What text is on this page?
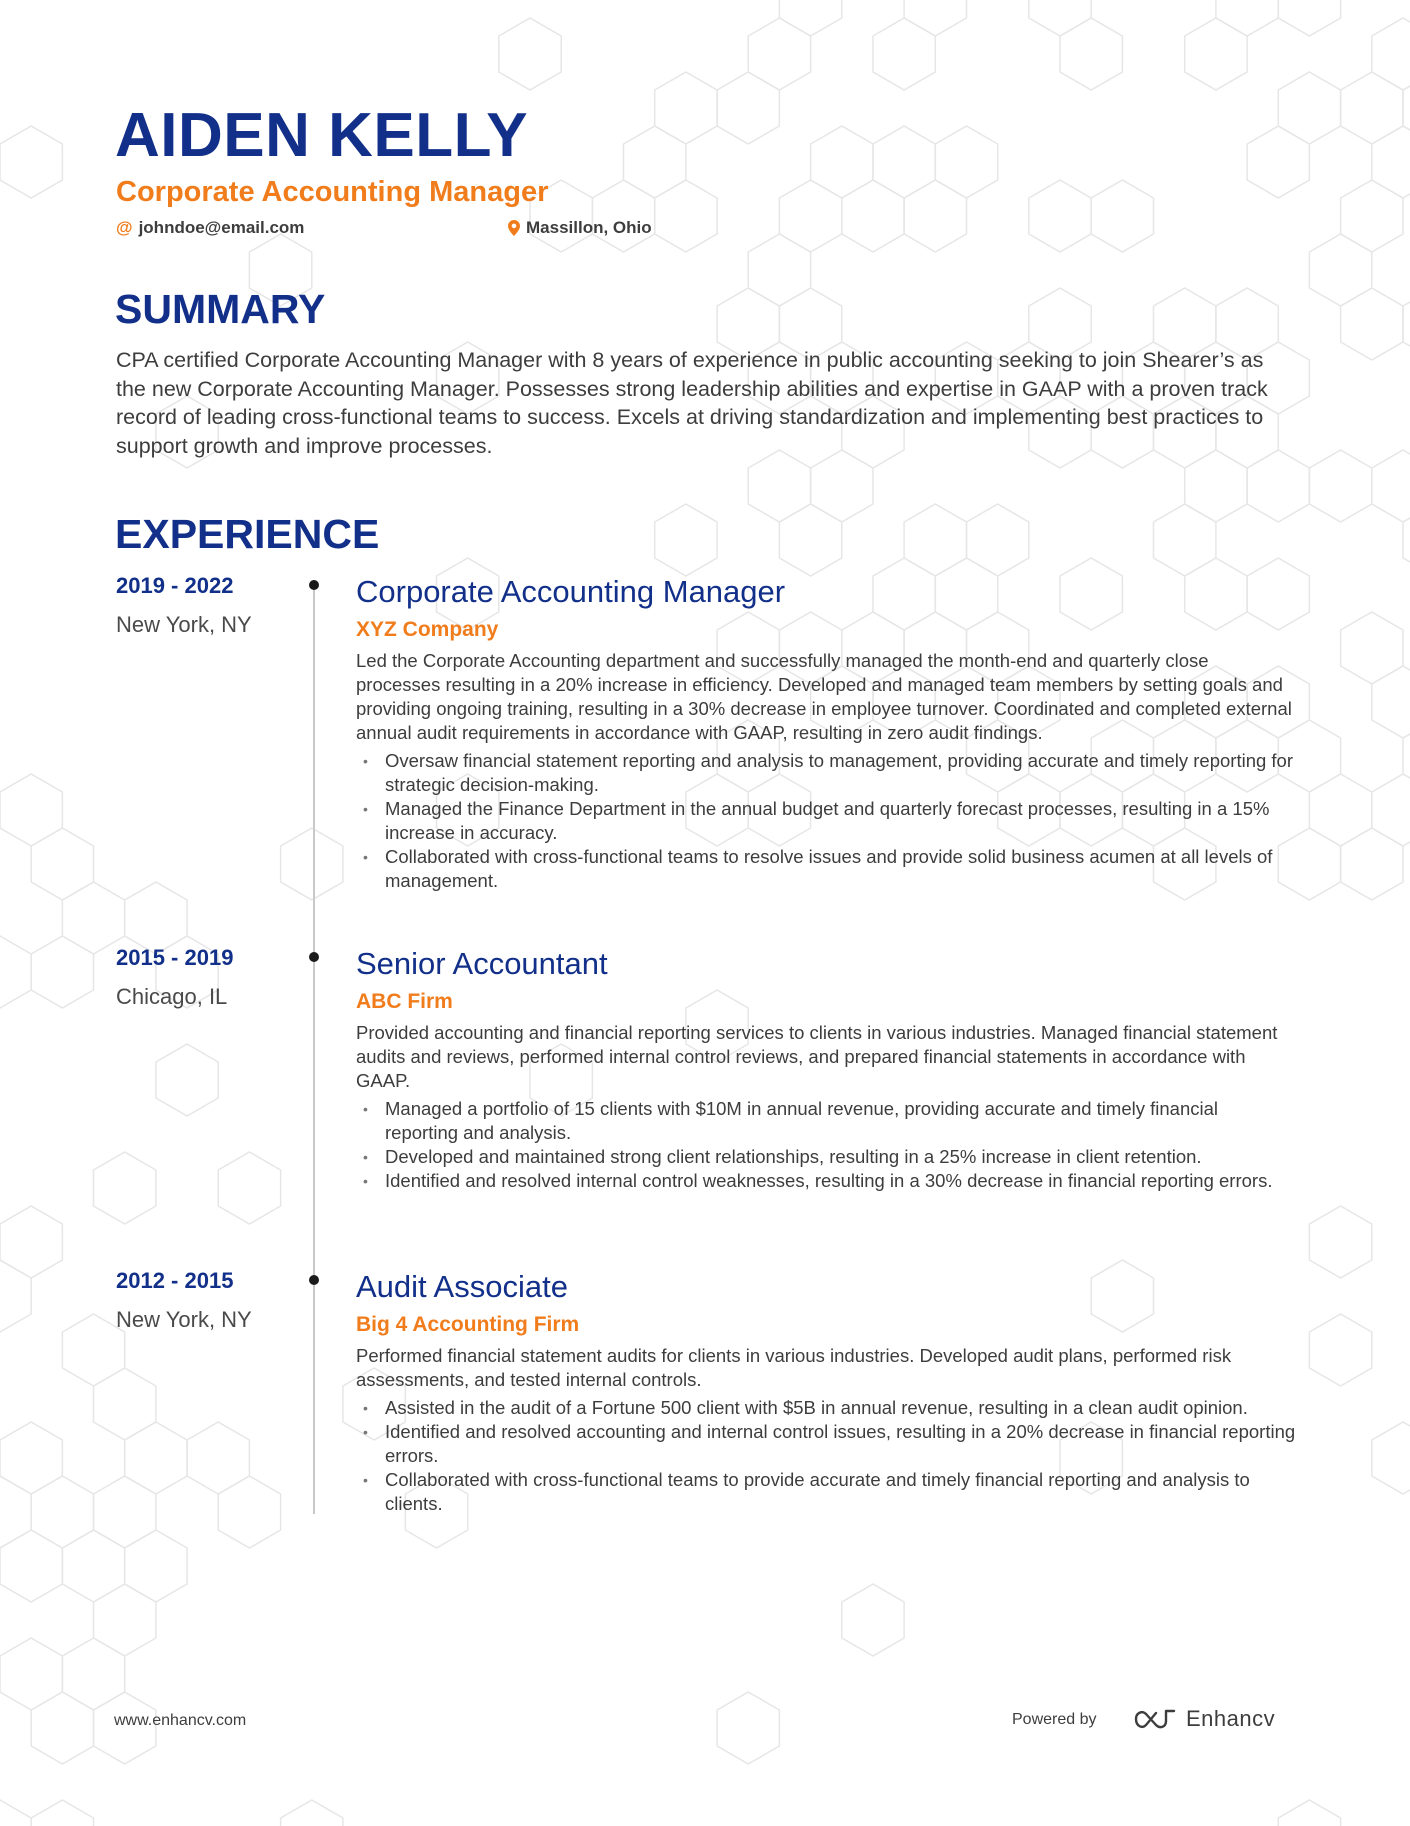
AIDEN KELLY
Corporate Accounting Manager
@ johndoe@email.com	Massillon, Ohio
SUMMARY
CPA certified Corporate Accounting Manager with 8 years of experience in public accounting seeking to join Shearer’s as the new Corporate Accounting Manager. Possesses strong leadership abilities and expertise in GAAP with a proven track record of leading cross-functional teams to success. Excels at driving standardization and implementing best practices to support growth and improve processes.
EXPERIENCE
2019 - 2022
New York, NY
Corporate Accounting Manager
XYZ Company
Led the Corporate Accounting department and successfully managed the month-end and quarterly close processes resulting in a 20% increase in efficiency. Developed and managed team members by setting goals and providing ongoing training, resulting in a 30% decrease in employee turnover. Coordinated and completed external annual audit requirements in accordance with GAAP, resulting in zero audit findings.
• Oversaw financial statement reporting and analysis to management, providing accurate and timely reporting for strategic decision-making.
• Managed the Finance Department in the annual budget and quarterly forecast processes, resulting in a 15% increase in accuracy.
• Collaborated with cross-functional teams to resolve issues and provide solid business acumen at all levels of management.
2015 - 2019
Chicago, IL
Senior Accountant
ABC Firm
Provided accounting and financial reporting services to clients in various industries. Managed financial statement audits and reviews, performed internal control reviews, and prepared financial statements in accordance with GAAP.
• Managed a portfolio of 15 clients with $10M in annual revenue, providing accurate and timely financial reporting and analysis.
• Developed and maintained strong client relationships, resulting in a 25% increase in client retention.
• Identified and resolved internal control weaknesses, resulting in a 30% decrease in financial reporting errors.
2012 - 2015
New York, NY
Audit Associate
Big 4 Accounting Firm
Performed financial statement audits for clients in various industries. Developed audit plans, performed risk assessments, and tested internal controls.
• Assisted in the audit of a Fortune 500 client with $5B in annual revenue, resulting in a clean audit opinion.
• Identified and resolved accounting and internal control issues, resulting in a 20% decrease in financial reporting errors.
• Collaborated with cross-functional teams to provide accurate and timely financial reporting and analysis to clients.
www.enhancv.com	Powered by	Enhancv
